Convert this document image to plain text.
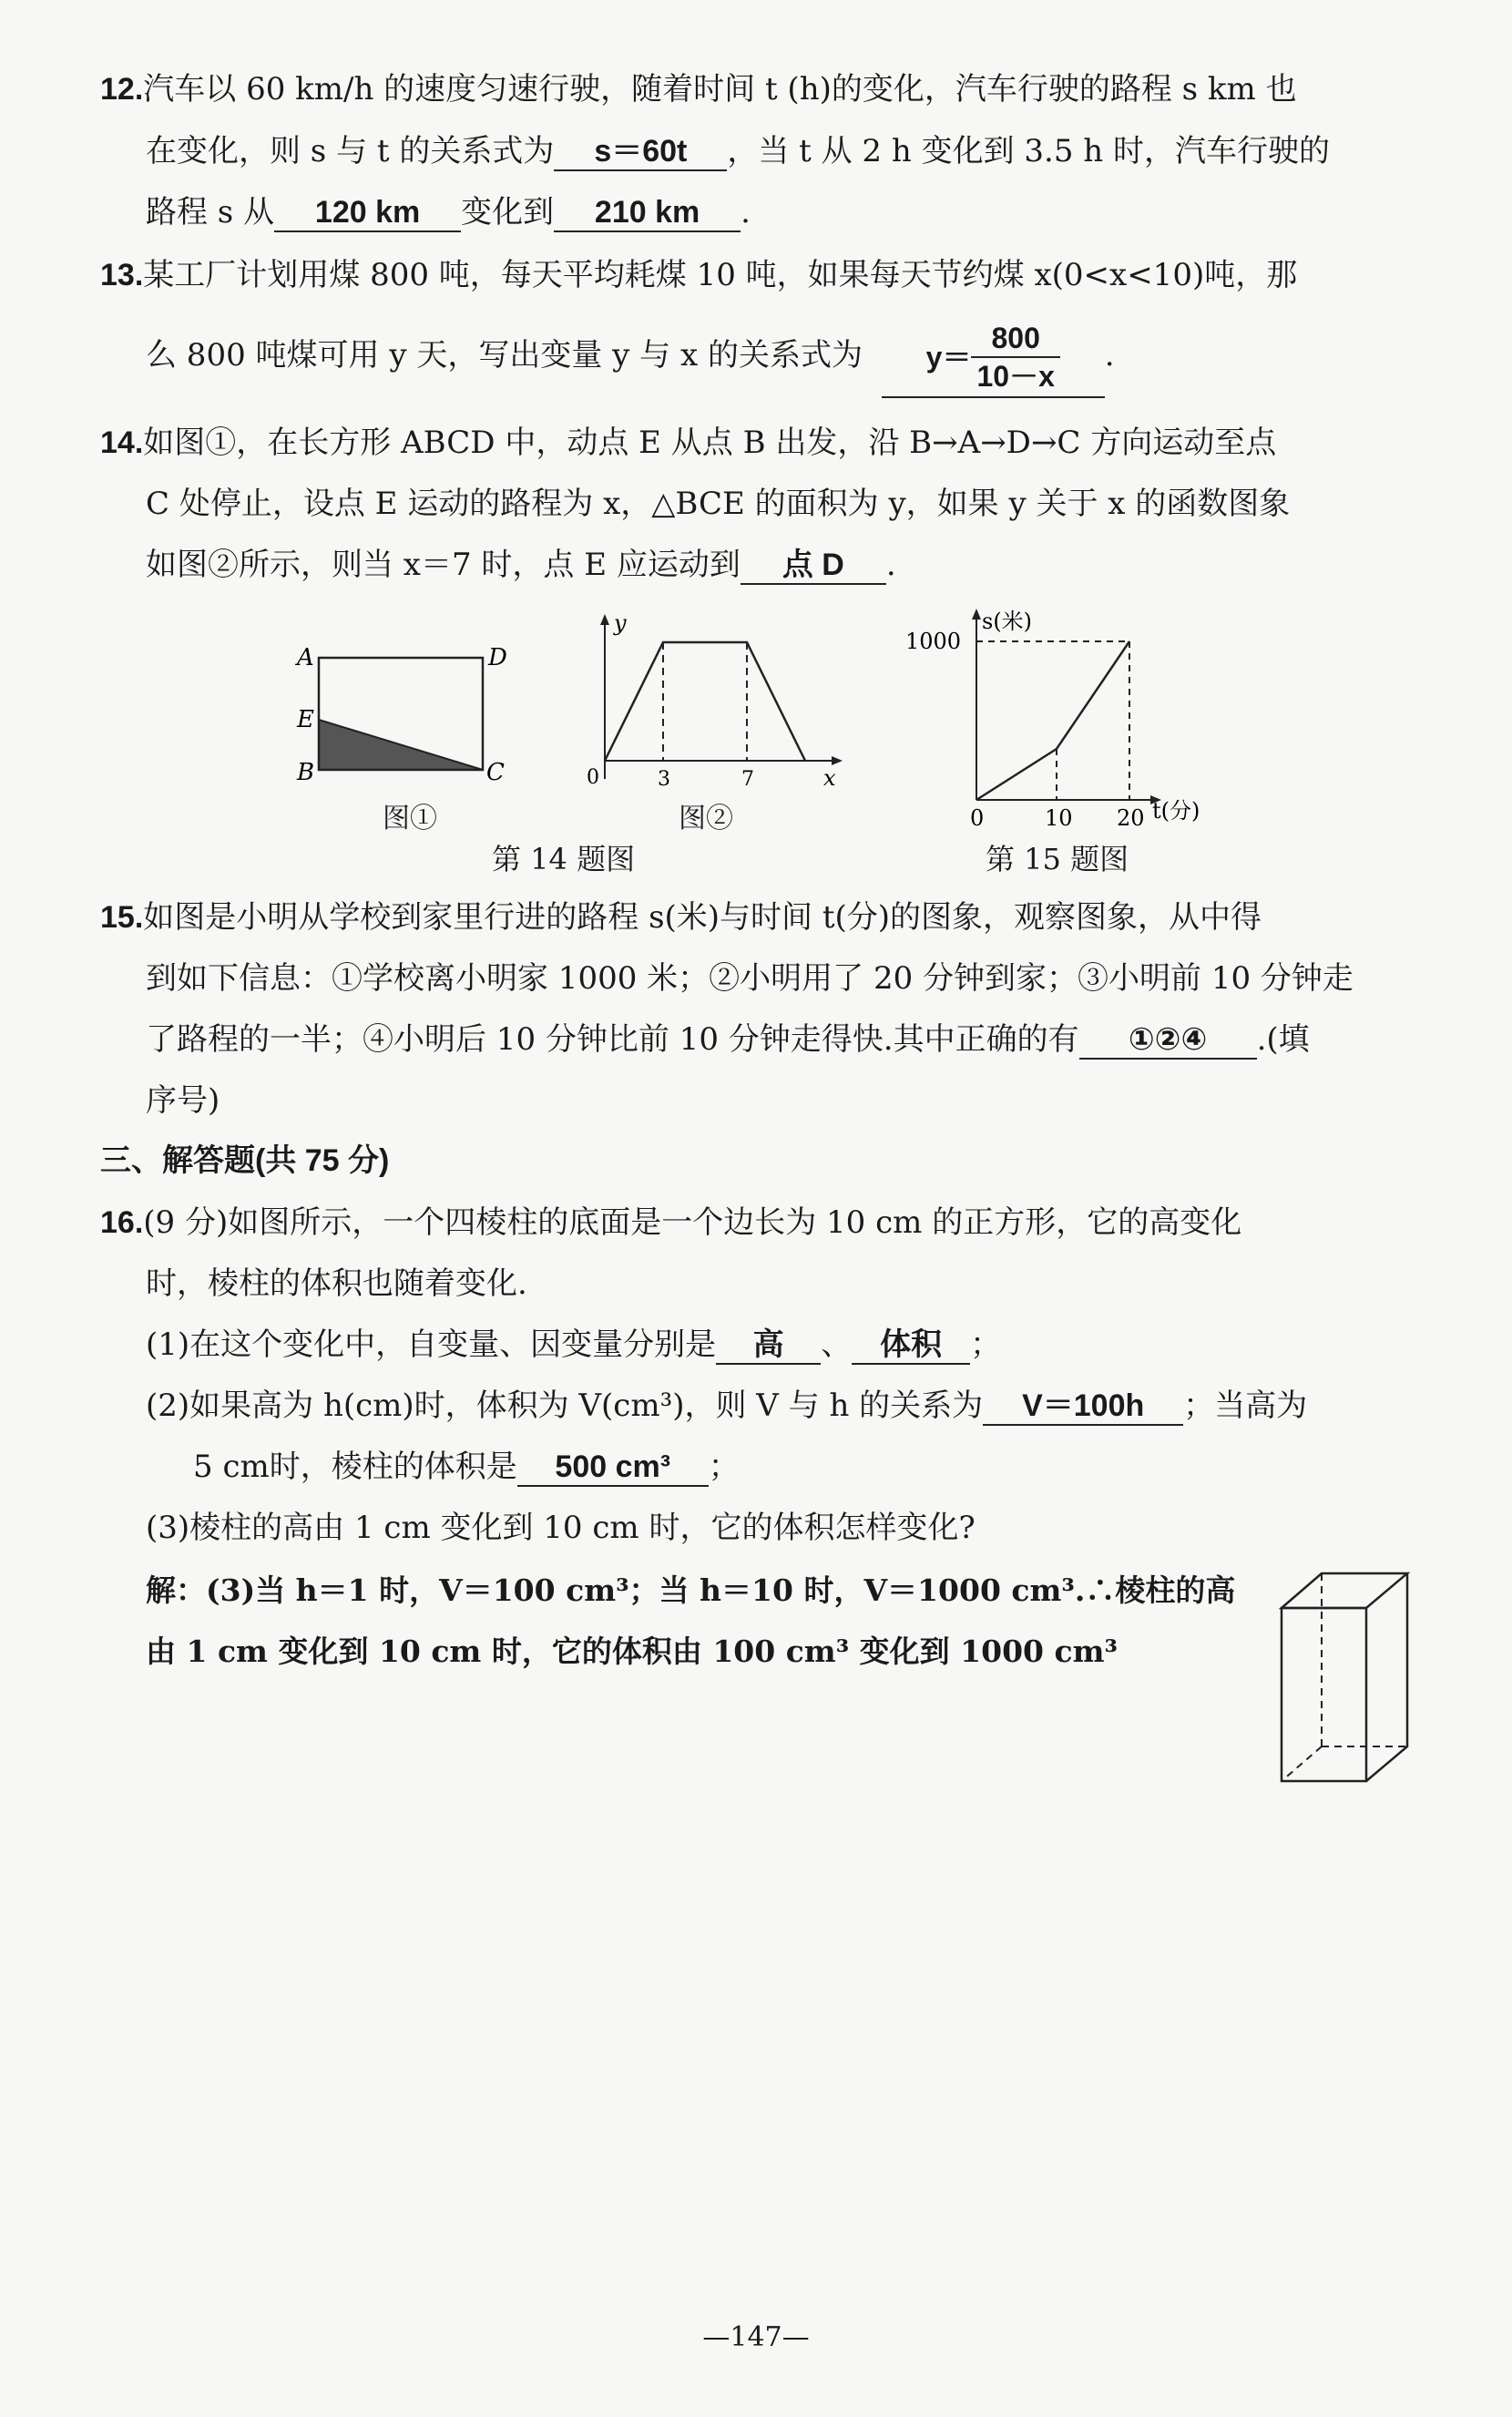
12.汽车以 60 km/h 的速度匀速行驶，随着时间 t (h)的变化，汽车行驶的路程 s km 也
在变化，则 s 与 t 的关系式为 s＝60t ，当 t 从 2 h 变化到 3.5 h 时，汽车行驶的
路程 s 从 120 km 变化到 210 km .
13.某工厂计划用煤 800 吨，每天平均耗煤 10 吨，如果每天节约煤 x(0<x<10)吨，那
么 800 吨煤可用 y 天，写出变量 y 与 x 的关系式为 $y= \frac{800}{10-x}$ .
14.如图①，在长方形 ABCD 中，动点 E 从点 B 出发，沿 B→A→D→C 方向运动至点
C 处停止，设点 E 运动的路程为 x，△BCE 的面积为 y，如果 y 关于 x 的函数图象
如图②所示，则当 x＝7 时，点 E 应运动到 点 D .
A	D
E
B	C
图①
y
0	3	7	x
图②
第 14 题图
s(米)
1000
0	10 20 t(分)
第 15 题图
15.如图是小明从学校到家里行进的路程 s(米)与时间 t(分)的图象，观察图象，从中得
到如下信息：①学校离小明家 1000 米；②小明用了 20 分钟到家；③小明前 10 分钟走
了路程的一半；④小明后 10 分钟比前 10 分钟走得快.其中正确的有 ①②④ .(填
序号)
三、解答题(共 75 分)
16.(9 分)如图所示，一个四棱柱的底面是一个边长为 10 cm 的正方形，它的高变化
时，棱柱的体积也随着变化.
(1)在这个变化中，自变量、因变量分别是 高 、 体积 ；
(2)如果高为 h(cm)时，体积为 V(cm³)，则 V 与 h 的关系为 V＝100h ；当高为
5 cm时，棱柱的体积是 500 cm³ ；
(3)棱柱的高由 1 cm 变化到 10 cm 时，它的体积怎样变化?
解：(3)当 h＝1 时，V＝100 cm³；当 h＝10 时，V＝1000 cm³.∴棱柱的高
由 1 cm 变化到 10 cm 时，它的体积由 100 cm³ 变化到 1000 cm³
—147—
